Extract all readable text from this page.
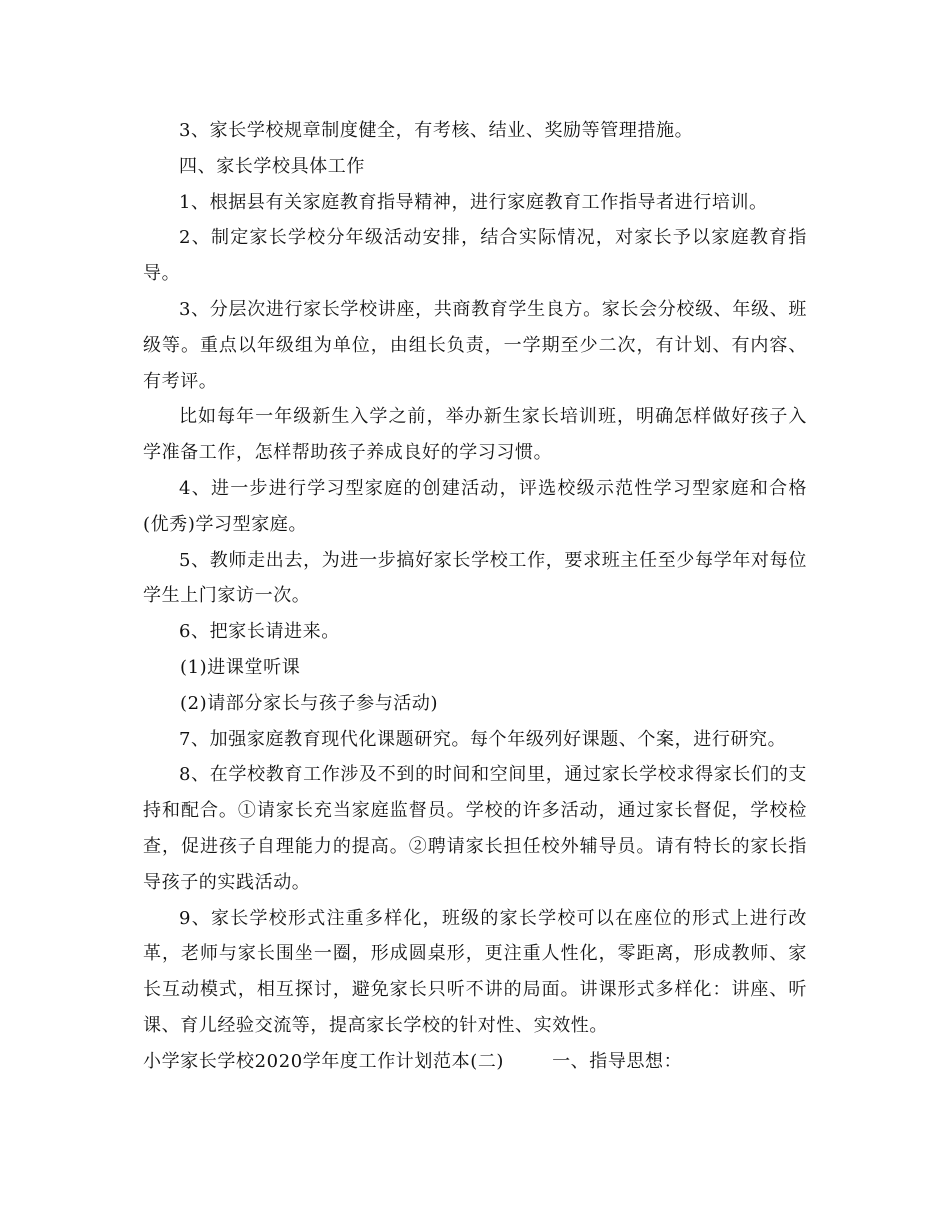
3、家长学校规章制度健全，有考核、结业、奖励等管理措施。

四、家长学校具体工作

1、根据县有关家庭教育指导精神，进行家庭教育工作指导者进行培训。

2、制定家长学校分年级活动安排，结合实际情况，对家长予以家庭教育指导。

3、分层次进行家长学校讲座，共商教育学生良方。家长会分校级、年级、班级等。重点以年级组为单位，由组长负责，一学期至少二次，有计划、有内容、有考评。

比如每年一年级新生入学之前，举办新生家长培训班，明确怎样做好孩子入学准备工作，怎样帮助孩子养成良好的学习习惯。

4、进一步进行学习型家庭的创建活动，评选校级示范性学习型家庭和合格(优秀)学习型家庭。

5、教师走出去，为进一步搞好家长学校工作，要求班主任至少每学年对每位学生上门家访一次。

6、把家长请进来。

(1)进课堂听课

(2)请部分家长与孩子参与活动)

7、加强家庭教育现代化课题研究。每个年级列好课题、个案，进行研究。

8、在学校教育工作涉及不到的时间和空间里，通过家长学校求得家长们的支持和配合。①请家长充当家庭监督员。学校的许多活动，通过家长督促，学校检查，促进孩子自理能力的提高。②聘请家长担任校外辅导员。请有特长的家长指导孩子的实践活动。

9、家长学校形式注重多样化，班级的家长学校可以在座位的形式上进行改革，老师与家长围坐一圈，形成圆桌形，更注重人性化，零距离，形成教师、家长互动模式，相互探讨，避免家长只听不讲的局面。讲课形式多样化：讲座、听课、育儿经验交流等，提高家长学校的针对性、实效性。

小学家长学校2020学年度工作计划范本(二)	一、指导思想：
